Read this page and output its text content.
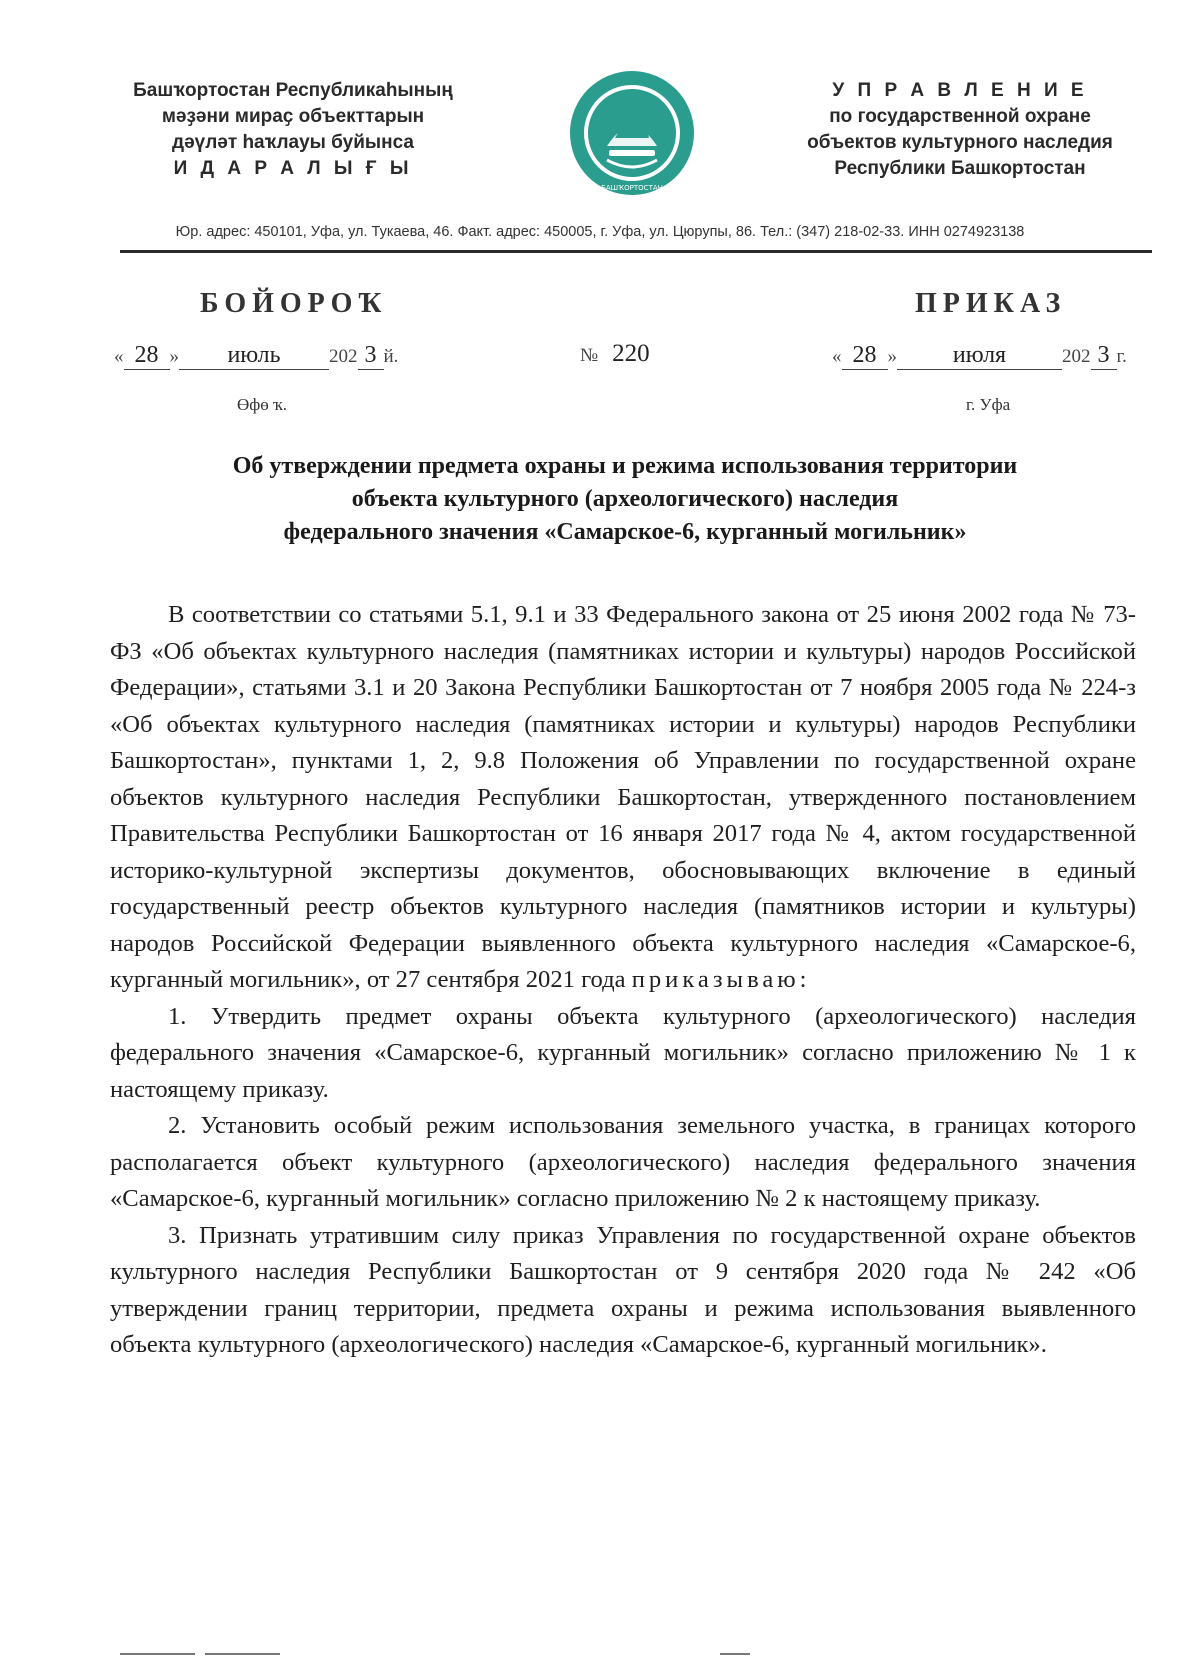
Башҡортостан Республикаһының
мәҙәни мираҫ объекттарын
дәүләт һаҡлауы буйынса
И Д А Р А Л Ы Ғ Ы
БАШҠОРТОСТАН
У П Р А В Л Е Н И Е
по государственной охране
объектов культурного наследия
Республики Башкортостан
Юр. адрес: 450101, Уфа, ул. Тукаева, 46. Факт. адрес: 450005, г. Уфа, ул. Цюрупы, 86. Тел.: (347) 218-02-33. ИНН 0274923138
БОЙОРОҠ	ПРИКАЗ
« 28 » июль	202 3 й.	№ 220	« 28 » июля	202 3 г.
Өфө ҡ.	г. Уфа
Об утверждении предмета охраны и режима использования территории
объекта культурного (археологического) наследия
федерального значения «Самарское-6, курганный могильник»

В соответствии со статьями 5.1, 9.1 и 33 Федерального закона от 25 июня 2002 года № 73-ФЗ «Об объектах культурного наследия (памятниках истории и культуры) народов Российской Федерации», статьями 3.1 и 20 Закона Республики Башкортостан от 7 ноября 2005 года № 224-з «Об объектах культурного наследия (памятниках истории и культуры) народов Республики Башкортостан», пунктами 1, 2, 9.8 Положения об Управлении по государственной охране объектов культурного наследия Республики Башкортостан, утвержденного постановлением Правительства Республики Башкортостан от 16 января 2017 года № 4, актом государственной историко-культурной экспертизы документов, обосновывающих включение в единый государственный реестр объектов культурного наследия (памятников истории и культуры) народов Российской Федерации выявленного объекта культурного наследия «Самарское-6, курганный могильник», от 27 сентября 2021 года приказываю:

1. Утвердить предмет охраны объекта культурного (археологического) наследия федерального значения «Самарское-6, курганный могильник» согласно приложению № 1 к настоящему приказу.

2. Установить особый режим использования земельного участка, в границах которого располагается объект культурного (археологического) наследия федерального значения «Самарское-6, курганный могильник» согласно приложению № 2 к настоящему приказу.

3. Признать утратившим силу приказ Управления по государственной охране объектов культурного наследия Республики Башкортостан от 9 сентября 2020 года № 242 «Об утверждении границ территории, предмета охраны и режима использования выявленного объекта культурного (археологического) наследия «Самарское-6, курганный могильник».
